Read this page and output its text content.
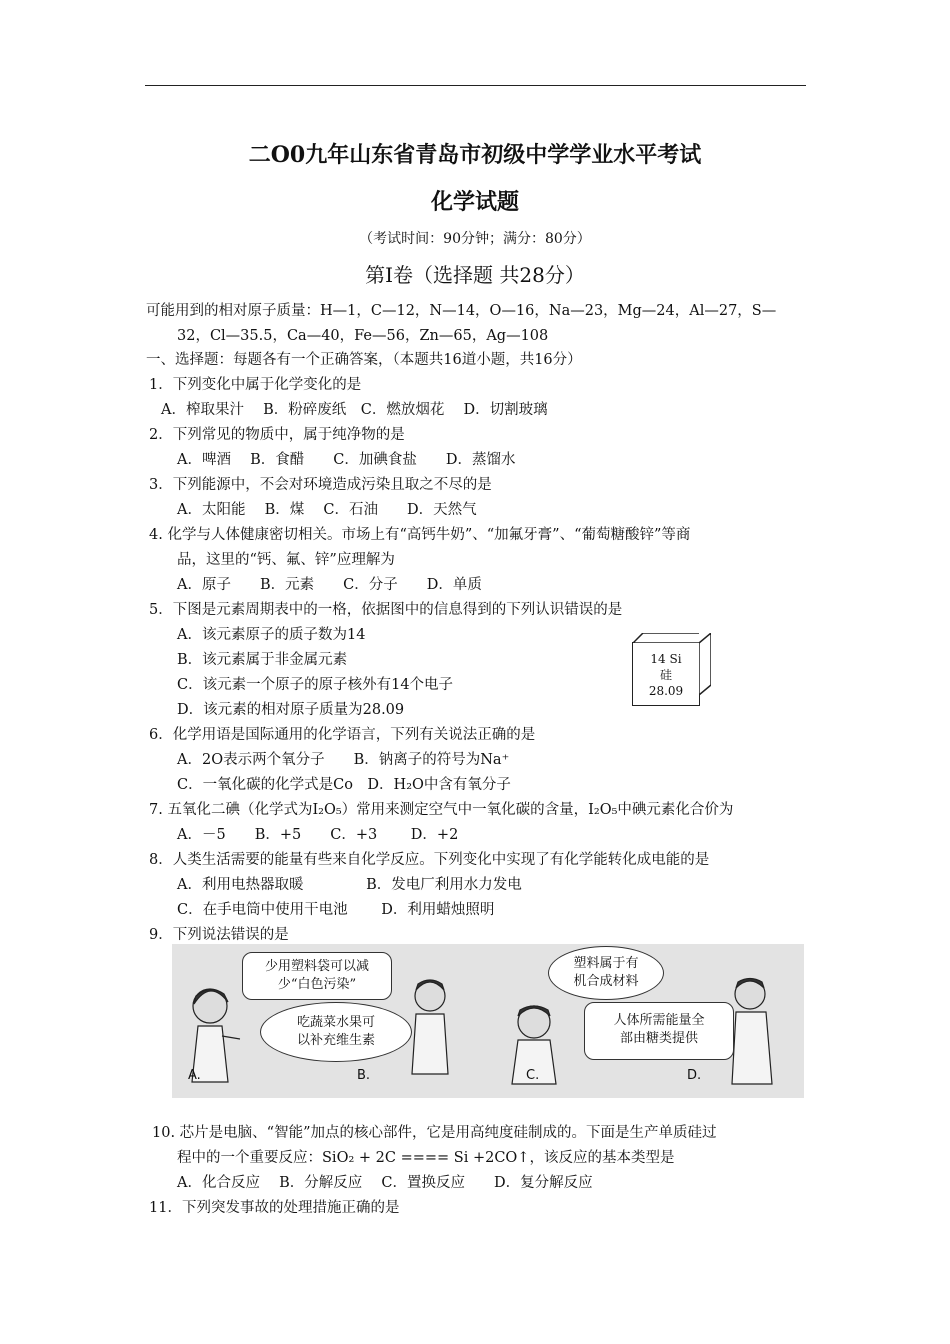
二O0九年山东省青岛市初级中学学业水平考试
化学试题
（考试时间：90分钟；满分：80分）
第Ⅰ卷（选择题 共28分）
可能用到的相对原子质量：H—1，C—12，N—14，O—16，Na—23，Mg—24，Al—27，S—
32，Cl—35.5，Ca—40，Fe—56，Zn—65，Ag—108
一、选择题：每题各有一个正确答案，（本题共16道小题，共16分）
1．下列变化中属于化学变化的是
A．榨取果汁　 B．粉碎废纸　C．燃放烟花　 D．切割玻璃
2．下列常见的物质中，属于纯净物的是
A．啤酒　 B．食醋　　C．加碘食盐　　D．蒸馏水
3．下列能源中，不会对环境造成污染且取之不尽的是
A．太阳能　 B．煤　 C．石油　　D．天然气
4. 化学与人体健康密切相关。市场上有“高钙牛奶”、“加氟牙膏”、“葡萄糖酸锌”等商
品，这里的“钙、氟、锌”应理解为
A．原子　　B．元素　　C．分子　　D．单质
5．下图是元素周期表中的一格，依据图中的信息得到的下列认识错误的是
A．该元素原子的质子数为14
B．该元素属于非金属元素
C．该元素一个原子的原子核外有14个电子
D．该元素的相对原子质量为28.09
14 Si
硅
28.09
6．化学用语是国际通用的化学语言，下列有关说法正确的是
A．2O表示两个氧分子　　B．钠离子的符号为Na⁺
C．一氧化碳的化学式是Co　D．H₂O中含有氧分子
7. 五氧化二碘（化学式为I₂O₅）常用来测定空气中一氧化碳的含量，I₂O₅中碘元素化合价为
A．－5　　B．+5　　C．+3　　 D．+2
8．人类生活需要的能量有些来自化学反应。下列变化中实现了有化学能转化成电能的是
A．利用电热器取暖　　　　 B．发电厂利用水力发电
C．在手电筒中使用干电池　　 D．利用蜡烛照明
9．下列说法错误的是
少用塑料袋可以减
少“白色污染”
吃蔬菜水果可
以补充维生素
塑料属于有
机合成材料
人体所需能量全
部由糖类提供
A.	B.	C.	D.
10. 芯片是电脑、“智能”加点的核心部件，它是用高纯度硅制成的。下面是生产单质硅过
程中的一个重要反应：SiO₂ + 2C ==== Si +2CO↑，该反应的基本类型是
A．化合反应　 B．分解反应　 C．置换反应　　D．复分解反应
11．下列突发事故的处理措施正确的是
